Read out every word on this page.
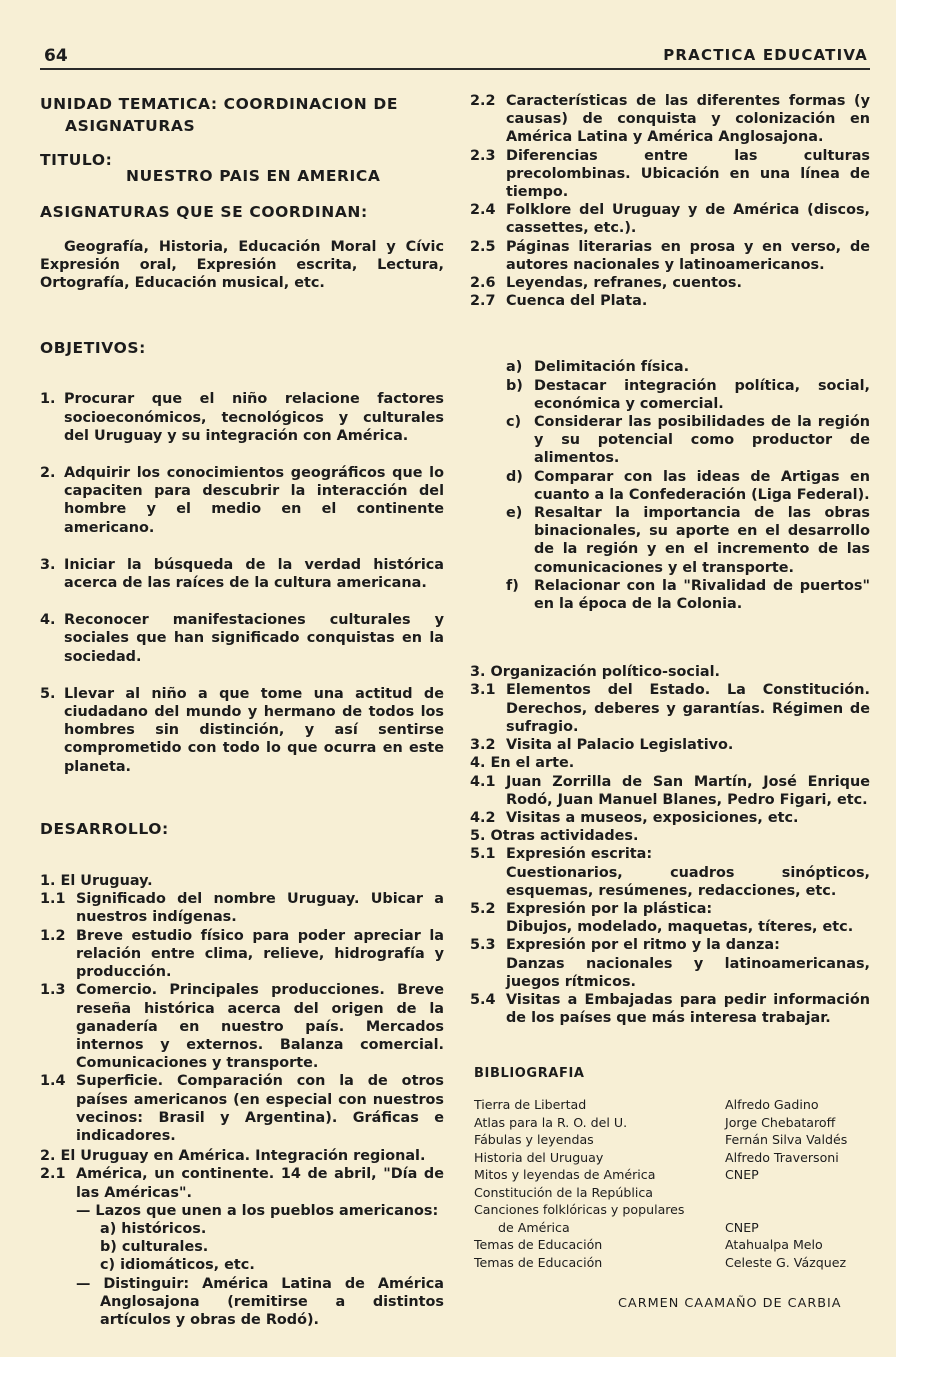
64	PRACTICA EDUCATIVA
UNIDAD TEMATICA: COORDINACION DE ASIGNATURAS
TITULO:
NUESTRO PAIS EN AMERICA
ASIGNATURAS QUE SE COORDINAN:
Geografía, Historia, Educación Moral y Cívic Expresión oral, Expresión escrita, Lectura, Ortografía, Educación musical, etc.
OBJETIVOS:
1. Procurar que el niño relacione factores socioeconómicos, tecnológicos y culturales del Uruguay y su integración con América.
2. Adquirir los conocimientos geográficos que lo capaciten para descubrir la interacción del hombre y el medio en el continente americano.
3. Iniciar la búsqueda de la verdad histórica acerca de las raíces de la cultura americana.
4. Reconocer manifestaciones culturales y sociales que han significado conquistas en la sociedad.
5. Llevar al niño a que tome una actitud de ciudadano del mundo y hermano de todos los hombres sin distinción, y así sentirse comprometido con todo lo que ocurra en este planeta.
DESARROLLO:
1. El Uruguay.
1.1 Significado del nombre Uruguay. Ubicar a nuestros indígenas.
1.2 Breve estudio físico para poder apreciar la relación entre clima, relieve, hidrografía y producción.
1.3 Comercio. Principales producciones. Breve reseña histórica acerca del origen de la ganadería en nuestro país. Mercados internos y externos. Balanza comercial. Comunicaciones y transporte.
1.4 Superficie. Comparación con la de otros países americanos (en especial con nuestros vecinos: Brasil y Argentina). Gráficas e indicadores.
2. El Uruguay en América. Integración regional.
2.1 América, un continente. 14 de abril, "Día de las Américas".
— Lazos que unen a los pueblos americanos:
a) históricos.
b) culturales.
c) idiomáticos, etc.
— Distinguir: América Latina de América Anglosajona (remitirse a distintos artículos y obras de Rodó).
2.2 Características de las diferentes formas (y causas) de conquista y colonización en América Latina y América Anglosajona.
2.3 Diferencias entre las culturas precolombinas. Ubicación en una línea de tiempo.
2.4 Folklore del Uruguay y de América (discos, cassettes, etc.).
2.5 Páginas literarias en prosa y en verso, de autores nacionales y latinoamericanos.
2.6 Leyendas, refranes, cuentos.
2.7 Cuenca del Plata.
a) Delimitación física.
b) Destacar integración política, social, económica y comercial.
c) Considerar las posibilidades de la región y su potencial como productor de alimentos.
d) Comparar con las ideas de Artigas en cuanto a la Confederación (Liga Federal).
e) Resaltar la importancia de las obras binacionales, su aporte en el desarrollo de la región y en el incremento de las comunicaciones y el transporte.
f)	Relacionar con la "Rivalidad de puertos" en la época de la Colonia.
3. Organización político-social.
3.1 Elementos del Estado. La Constitución. Derechos, deberes y garantías. Régimen de sufragio.
3.2 Visita al Palacio Legislativo.
4. En el arte.
4.1 Juan Zorrilla de San Martín, José Enrique Rodó, Juan Manuel Blanes, Pedro Figari, etc.
4.2 Visitas a museos, exposiciones, etc.
5. Otras actividades.
5.1 Expresión escrita:
Cuestionarios, cuadros sinópticos, esquemas, resúmenes, redacciones, etc.
5.2 Expresión por la plástica:
Dibujos, modelado, maquetas, títeres, etc.
5.3 Expresión por el ritmo y la danza:
Danzas nacionales y latinoamericanas, juegos rítmicos.
5.4 Visitas a Embajadas para pedir información de los países que más interesa trabajar.
BIBLIOGRAFIA
Tierra de Libertad	Alfredo Gadino
Atlas para la R. O. del U.	Jorge Chebataroff
Fábulas y leyendas	Fernán Silva Valdés
Historia del Uruguay	Alfredo Traversoni
Mitos y leyendas de América	CNEP
Constitución de la República
Canciones folklóricas y populares
de América	CNEP
Temas de Educación	Atahualpa Melo
Temas de Educación	Celeste G. Vázquez
CARMEN CAAMAÑO DE CARBIA
